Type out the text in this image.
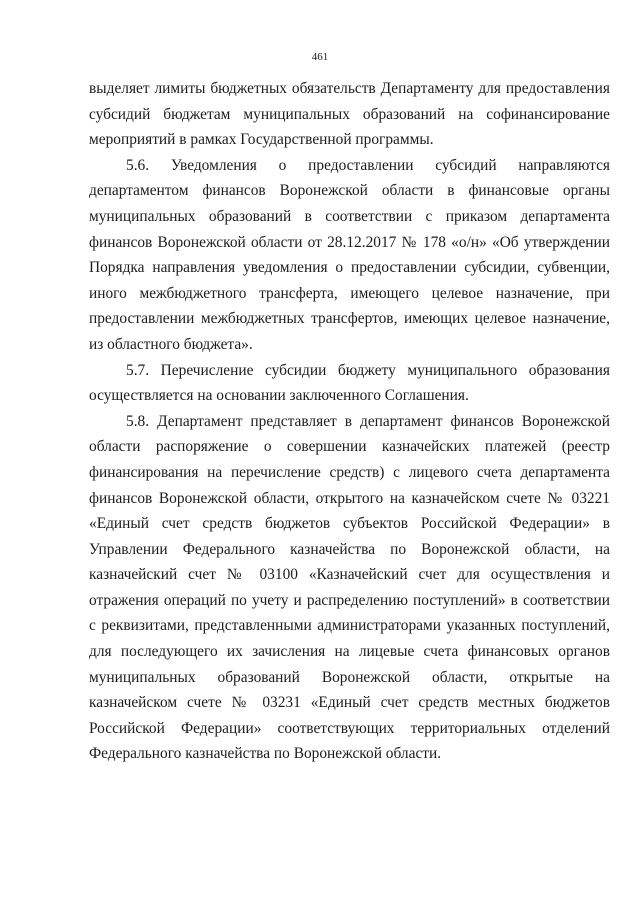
461

выделяет лимиты бюджетных обязательств Департаменту для предоставления субсидий бюджетам муниципальных образований на софинансирование мероприятий в рамках Государственной программы.

5.6. Уведомления о предоставлении субсидий направляются департаментом финансов Воронежской области в финансовые органы муниципальных образований в соответствии с приказом департамента финансов Воронежской области от 28.12.2017 № 178 «о/н» «Об утверждении Порядка направления уведомления о предоставлении субсидии, субвенции, иного межбюджетного трансферта, имеющего целевое назначение, при предоставлении межбюджетных трансфертов, имеющих целевое назначение, из областного бюджета».

5.7. Перечисление субсидии бюджету муниципального образования осуществляется на основании заключенного Соглашения.

5.8. Департамент представляет в департамент финансов Воронежской области распоряжение о совершении казначейских платежей (реестр финансирования на перечисление средств) с лицевого счета департамента финансов Воронежской области, открытого на казначейском счете № 03221 «Единый счет средств бюджетов субъектов Российской Федерации» в Управлении Федерального казначейства по Воронежской области, на казначейский счет № 03100 «Казначейский счет для осуществления и отражения операций по учету и распределению поступлений» в соответствии с реквизитами, представленными администраторами указанных поступлений, для последующего их зачисления на лицевые счета финансовых органов муниципальных образований Воронежской области, открытые на казначейском счете № 03231 «Единый счет средств местных бюджетов Российской Федерации» соответствующих территориальных отделений Федерального казначейства по Воронежской области.
